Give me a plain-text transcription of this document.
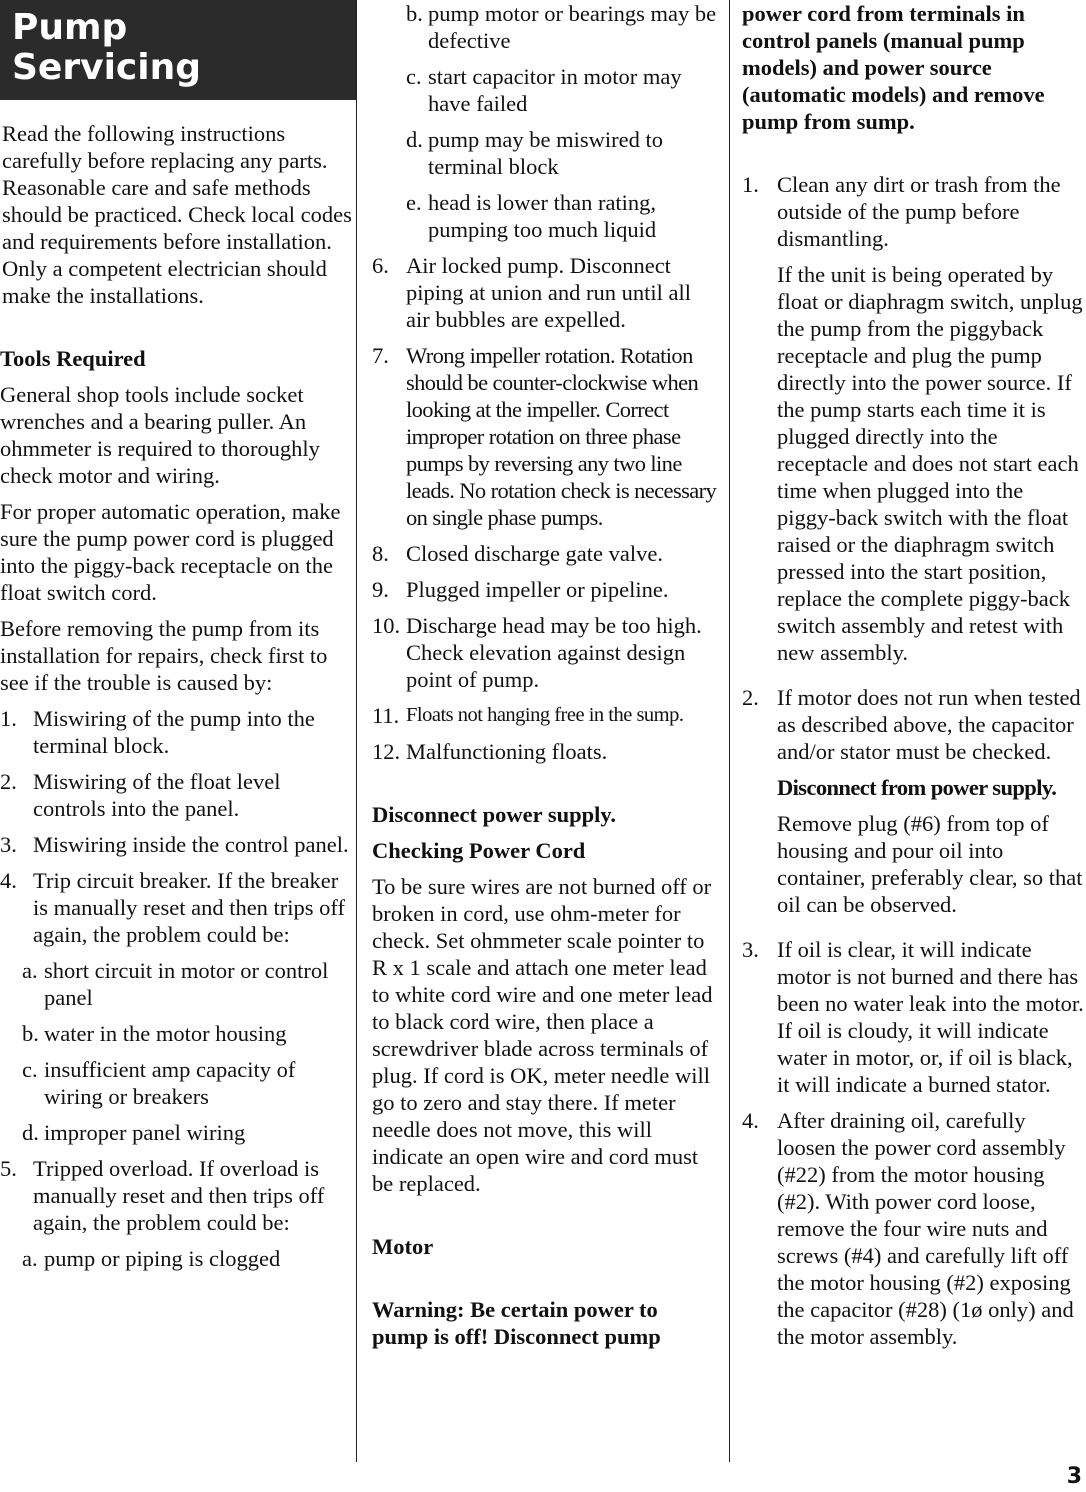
Pump
Servicing

Read the following instructions carefully before replacing any parts. Reasonable care and safe methods should be practiced. Check local codes and requirements before installation. Only a competent electrician should make the installations.

Tools Required

General shop tools include socket wrenches and a bearing puller. An ohmmeter is required to thoroughly check motor and wiring.

For proper automatic operation, make sure the pump power cord is plugged into the piggy-back receptacle on the float switch cord.

Before removing the pump from its installation for repairs, check first to see if the trouble is caused by:

1. Miswiring of the pump into the terminal block.
2. Miswiring of the float level controls into the panel.
3. Miswiring inside the control panel.
4. Trip circuit breaker. If the breaker is manually reset and then trips off again, the problem could be:
a. short circuit in motor or control panel
b. water in the motor housing
c. insufficient amp capacity of wiring or breakers
d. improper panel wiring
5. Tripped overload. If overload is manually reset and then trips off again, the problem could be:
a. pump or piping is clogged
b. pump motor or bearings may be defective
c. start capacitor in motor may have failed
d. pump may be miswired to terminal block
e. head is lower than rating, pumping too much liquid
6. Air locked pump. Disconnect piping at union and run until all air bubbles are expelled.
7. Wrong impeller rotation. Rotation should be counter-clockwise when looking at the impeller. Correct improper rotation on three phase pumps by reversing any two line leads. No rotation check is necessary on single phase pumps.
8. Closed discharge gate valve.
9. Plugged impeller or pipeline.
10. Discharge head may be too high. Check elevation against design point of pump.
11. Floats not hanging free in the sump.
12. Malfunctioning floats.

Disconnect power supply.

Checking Power Cord

To be sure wires are not burned off or broken in cord, use ohm-meter for check. Set ohmmeter scale pointer to R x 1 scale and attach one meter lead to white cord wire and one meter lead to black cord wire, then place a screwdriver blade across terminals of plug. If cord is OK, meter needle will go to zero and stay there. If meter needle does not move, this will indicate an open wire and cord must be replaced.

Motor

Warning: Be certain power to pump is off! Disconnect pump

power cord from terminals in control panels (manual pump models) and power source (automatic models) and remove pump from sump.

1. Clean any dirt or trash from the outside of the pump before dismantling.

If the unit is being operated by float or diaphragm switch, unplug the pump from the piggyback receptacle and plug the pump directly into the power source. If the pump starts each time it is plugged directly into the receptacle and does not start each time when plugged into the piggy-back switch with the float raised or the diaphragm switch pressed into the start position, replace the complete piggy-back switch assembly and retest with new assembly.

2. If motor does not run when tested as described above, the capacitor and/or stator must be checked.

Disconnect from power supply.

Remove plug (#6) from top of housing and pour oil into container, preferably clear, so that oil can be observed.

3. If oil is clear, it will indicate motor is not burned and there has been no water leak into the motor. If oil is cloudy, it will indicate water in motor, or, if oil is black, it will indicate a burned stator.
4. After draining oil, carefully loosen the power cord assembly (#22) from the motor housing (#2). With power cord loose, remove the four wire nuts and screws (#4) and carefully lift off the motor housing (#2) exposing the capacitor (#28) (1ø only) and the motor assembly.
3
